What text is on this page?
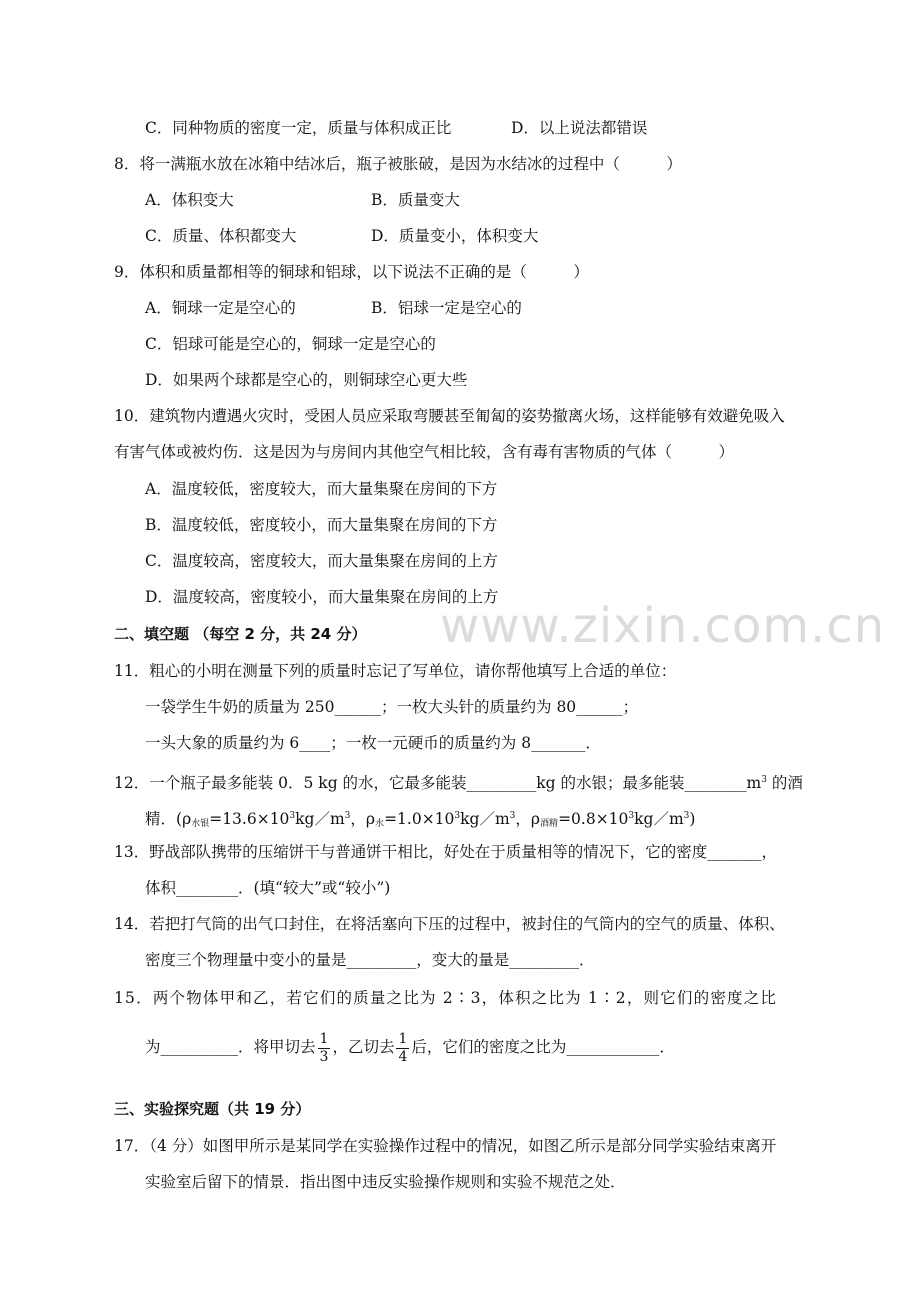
www.zixin.com.cn
C．同种物质的密度一定，质量与体积成正比	D．以上说法都错误
8．将一满瓶水放在冰箱中结冰后，瓶子被胀破，是因为水结冰的过程中（　　　）
A．体积变大	B．质量变大
C．质量、体积都变大	D．质量变小，体积变大
9．体积和质量都相等的铜球和铝球，以下说法不正确的是（　　　）
A．铜球一定是空心的	B．铝球一定是空心的
C．铝球可能是空心的，铜球一定是空心的
D．如果两个球都是空心的，则铜球空心更大些
10．建筑物内遭遇火灾时，受困人员应采取弯腰甚至匍匐的姿势撤离火场，这样能够有效避免吸入
有害气体或被灼伤．这是因为与房间内其他空气相比较，含有毒有害物质的气体（　　　）
A．温度较低，密度较大，而大量集聚在房间的下方
B．温度较低，密度较小，而大量集聚在房间的下方
C．温度较高，密度较大，而大量集聚在房间的上方
D．温度较高，密度较小，而大量集聚在房间的上方
二、填空题 （每空 2 分，共 24 分）
11．粗心的小明在测量下列的质量时忘记了写单位，请你帮他填写上合适的单位：
一袋学生牛奶的质量为 250______；一枚大头针的质量约为 80______；
一头大象的质量约为 6____；一枚一元硬币的质量约为 8_______．
12．一个瓶子最多能装 0．5 kg 的水，它最多能装_________kg 的水银；最多能装$\_\_\_\_\_\_\_\_m^3$ 的酒
精．($\rho_{水银}=13.6\times 10^3kg/m^3$，$\rho_水=1.0\times 10^3kg/m^3$，$\rho_{酒精}=0.8\times 10^3kg/m^3$)
13．野战部队携带的压缩饼干与普通饼干相比，好处在于质量相等的情况下，它的密度_______，
体积________．(填“较大”或“较小”)
14．若把打气筒的出气口封住，在将活塞向下压的过程中，被封住的气筒内的空气的质量、体积、
密度三个物理量中变小的量是_________，变大的量是_________．
15．两个物体甲和乙，若它们的质量之比为 2∶3，体积之比为 1∶2，则它们的密度之比
为__________．将甲切去 $\frac{1}{3}$ ，乙切去 $\frac{1}{4}$ 后，它们的密度之比为____________．
三、实验探究题（共 19 分）
17．（4 分）如图甲所示是某同学在实验操作过程中的情况，如图乙所示是部分同学实验结束离开
实验室后留下的情景．指出图中违反实验操作规则和实验不规范之处．
